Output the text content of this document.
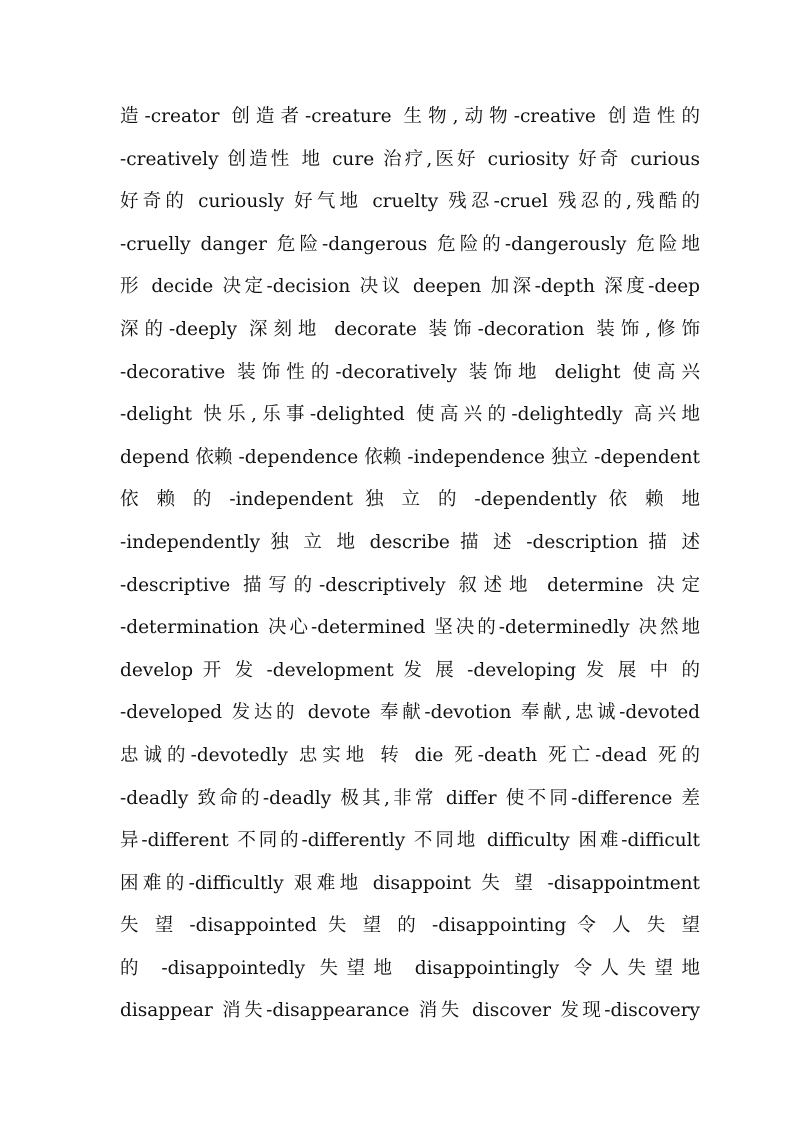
造-creator 创造者-creature 生物,动物-creative 创造性的
-creatively 创造性 地 cure 治疗,医好 curiosity 好奇 curious
好奇的 curiously 好气地 cruelty 残忍-cruel 残忍的,残酷的
-cruelly danger 危险-dangerous 危险的-dangerously 危险地
形 decide 决定-decision 决议 deepen 加深-depth 深度-deep
深的-deeply 深刻地 decorate 装饰-decoration 装饰,修饰
-decorative 装饰性的-decoratively 装饰地 delight 使高兴
-delight 快乐,乐事-delighted 使高兴的-delightedly 高兴地
depend 依赖 -dependence 依赖 -independence 独立 -dependent
依 赖 的 -independent 独 立 的 -dependently 依 赖 地
-independently 独 立 地 describe 描 述 -description 描 述
-descriptive 描写的-descriptively 叙述地 determine 决定
-determination 决心-determined 坚决的-determinedly 决然地
develop 开 发 -development 发 展 -developing 发 展 中 的
-developed 发达的 devote 奉献-devotion 奉献,忠诚-devoted
忠诚的-devotedly 忠实地 转 die 死-death 死亡-dead 死的
-deadly 致命的-deadly 极其,非常 differ 使不同-difference 差
异-different 不同的-differently 不同地 difficulty 困难-difficult
困难的-difficultly 艰难地 disappoint 失 望 -disappointment
失 望 -disappointed 失 望 的 -disappointing 令 人 失 望
的 -disappointedly 失望地 disappointingly 令人失望地
disappear 消失-disappearance 消失 discover 发现-discovery
